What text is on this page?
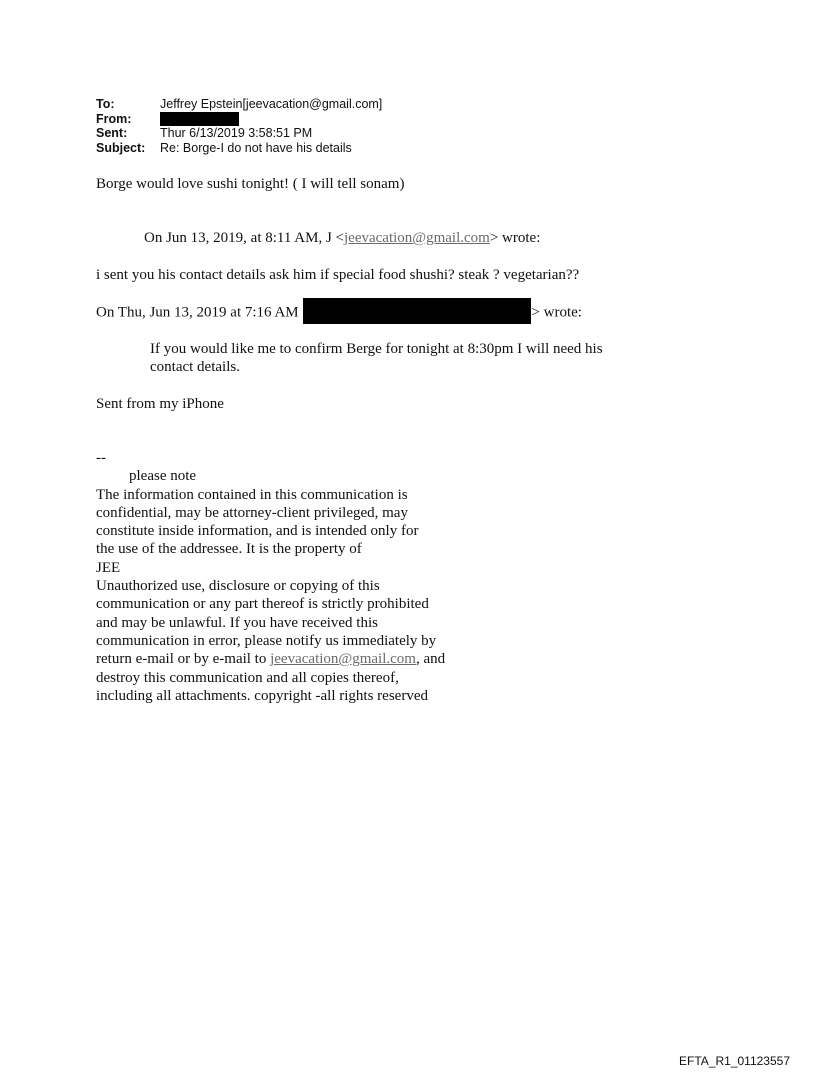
To:	Jeffrey Epstein[jeevacation@gmail.com]
From:
Sent:	Thur 6/13/2019 3:58:51 PM
Subject:	Re: Borge-I do not have his details
Borge would love sushi tonight! ( I will tell sonam)
On Jun 13, 2019, at 8:11 AM, J <jeevacation@gmail.com> wrote:
i sent you his contact details ask him if special food shushi? steak ? vegetarian??
On Thu, Jun 13, 2019 at 7:16 AM	> wrote:
If you would like me to confirm Berge for tonight at 8:30pm I will need his
contact details.
Sent from my iPhone
--
please note
The information contained in this communication is
confidential, may be attorney-client privileged, may
constitute inside information, and is intended only for
the use of the addressee. It is the property of
JEE
Unauthorized use, disclosure or copying of this
communication or any part thereof is strictly prohibited
and may be unlawful. If you have received this
communication in error, please notify us immediately by
return e-mail or by e-mail to jeevacation@gmail.com, and
destroy this communication and all copies thereof,
including all attachments. copyright -all rights reserved
EFTA_R1_01123557
